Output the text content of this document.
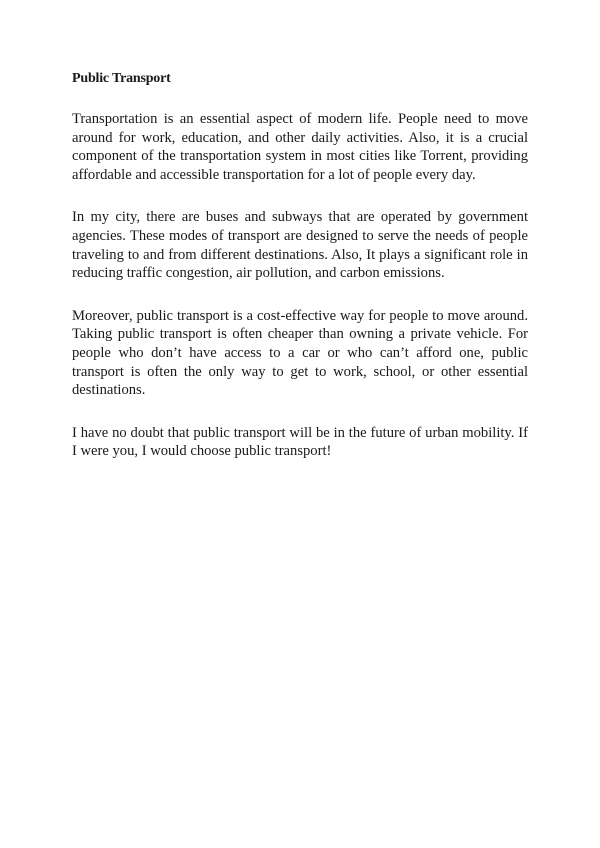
Public Transport

Transportation is an essential aspect of modern life. People need to move around for work, education, and other daily activities. Also, it is a crucial component of the transportation system in most cities like Torrent, providing affordable and accessible transportation for a lot of people every day.

In my city, there are buses and subways that are operated by government agencies. These modes of transport are designed to serve the needs of people traveling to and from different destinations. Also, It plays a significant role in reducing traffic congestion, air pollution, and carbon emissions.

Moreover, public transport is a cost-effective way for people to move around. Taking public transport is often cheaper than owning a private vehicle. For people who don’t have access to a car or who can’t afford one, public transport is often the only way to get to work, school, or other essential destinations.

I have no doubt that public transport will be in the future of urban mobility. If I were you, I would choose public transport!
